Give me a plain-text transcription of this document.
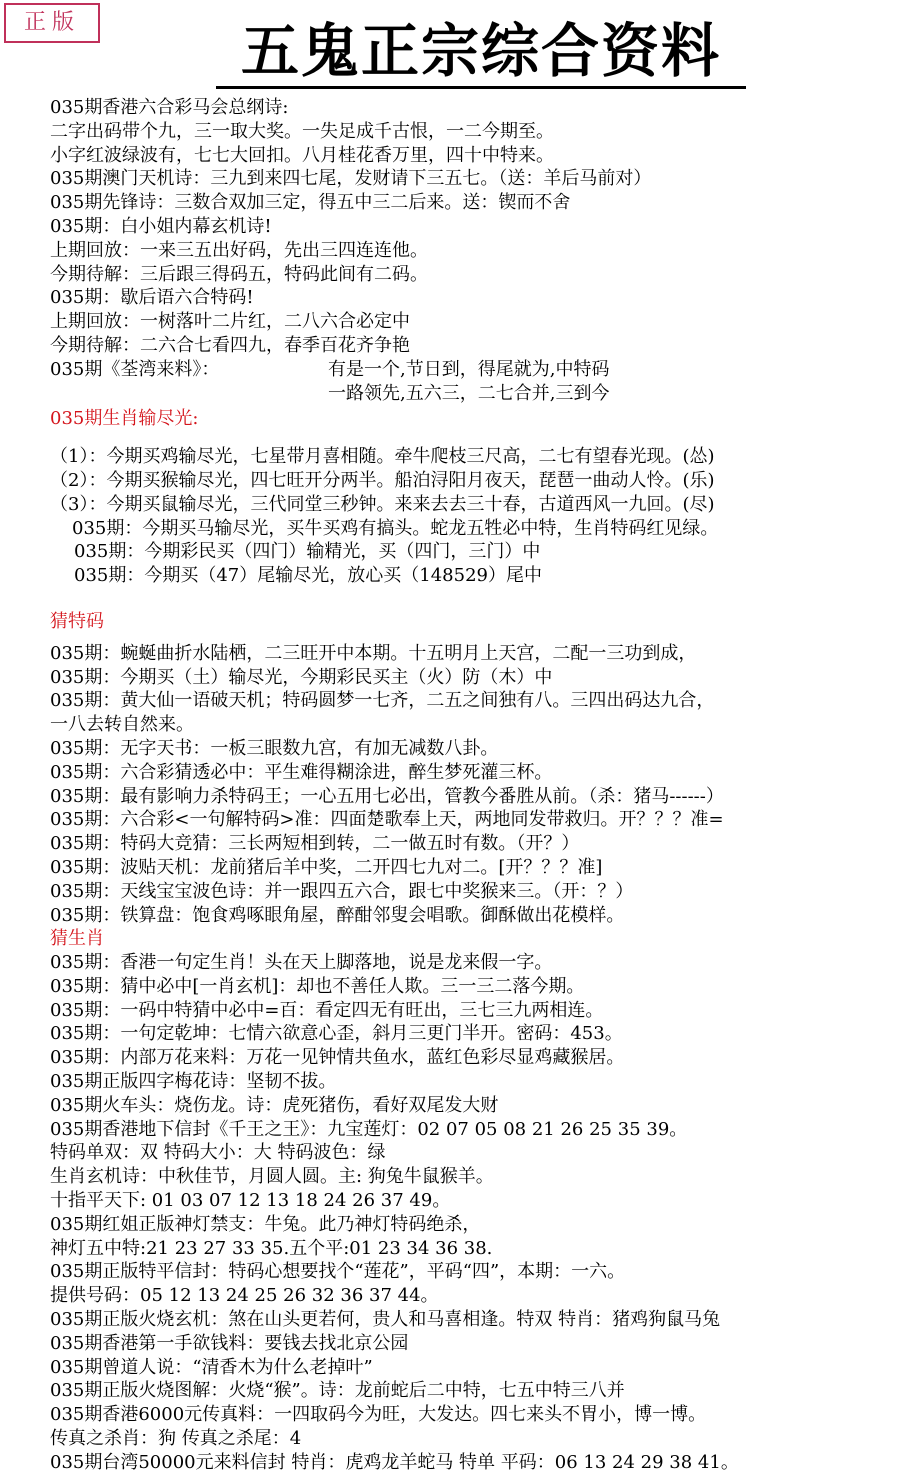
正版	五鬼正宗综合资料
035期香港六合彩马会总纲诗:
二字出码带个九，三一取大奖。一失足成千古恨，一二今期至。
小字红波绿波有，七七大回扣。八月桂花香万里，四十中特来。
035期澳门天机诗：三九到来四七尾，发财请下三五七。（送：羊后马前对）
035期先锋诗：三数合双加三定，得五中三二后来。送：锲而不舍
035期：白小姐内幕玄机诗!
上期回放：一来三五出好码，先出三四连连他。
今期待解：三后跟三得码五，特码此间有二码。
035期：歇后语六合特码!
上期回放：一树落叶二片红，二八六合必定中
今期待解：二六合七看四九，春季百花齐争艳
035期《荃湾来料》：	有是一个,节日到，得尾就为,中特码
一路领先,五六三，二七合并,三到今
035期生肖输尽光:
（1）：今期买鸡输尽光，七星带月喜相随。牵牛爬枝三尺高，二七有望春光现。(怂)
（2）：今期买猴输尽光，四七旺开分两半。船泊浔阳月夜天，琵琶一曲动人怜。(乐)
（3）：今期买鼠输尽光，三代同堂三秒钟。来来去去三十春，古道西风一九回。(尽)
035期：今期买马输尽光，买牛买鸡有搞头。蛇龙五牲必中特，生肖特码红见绿。
035期：今期彩民买（四门）输精光，买（四门，三门）中
035期：今期买（47）尾输尽光，放心买（148529）尾中
猜特码
035期：蜿蜒曲折水陆栖，二三旺开中本期。十五明月上天宫，二配一三功到成，
035期：今期买（土）输尽光，今期彩民买主（火）防（木）中
035期：黄大仙一语破天机；特码圆梦一七齐，二五之间独有八。三四出码达九合，
一八去转自然来。
035期：无字天书：一板三眼数九宫，有加无减数八卦。
035期：六合彩猜透必中：平生难得糊涂进，醉生梦死灌三杯。
035期：最有影响力杀特码王；一心五用七必出，管教今番胜从前。（杀：猪马------）
035期：六合彩<一句解特码>准：四面楚歌奉上天，两地同发带救归。开？？？准=
035期：特码大竞猜：三长两短相到转，二一做五时有数。（开？）
035期：波贴天机：龙前猪后羊中奖，二开四七九对二。[开？？？准]
035期：天线宝宝波色诗：并一跟四五六合，跟七中奖猴来三。（开：？）
035期：铁算盘：饱食鸡啄眼角屋，醉酣邻叟会唱歌。御酥做出花模样。
猜生肖
035期：香港一句定生肖！头在天上脚落地，说是龙来假一字。
035期：猜中必中[一肖玄机]：却也不善任人欺。三一三二落今期。
035期：一码中特猜中必中=百：看定四无有旺出，三七三九两相连。
035期：一句定乾坤：七情六欲意心歪，斜月三更门半开。密码：453。
035期：内部万花来料：万花一见钟情共鱼水，蓝红色彩尽显鸡藏猴居。
035期正版四字梅花诗：坚韧不拔。
035期火车头：烧伤龙。诗：虎死猪伤，看好双尾发大财
035期香港地下信封《千王之王》：九宝莲灯：02 07 05 08 21 26 25 35 39。
特码单双：双 特码大小：大 特码波色：绿
生肖玄机诗：中秋佳节，月圆人圆。主: 狗兔牛鼠猴羊。
十指平天下: 01 03 07 12 13 18 24 26 37 49。
035期红姐正版神灯禁支：牛兔。此乃神灯特码绝杀，
神灯五中特:21 23 27 33 35.五个平:01 23 34 36 38.
035期正版特平信封：特码心想要找个“莲花”，平码“四”，本期：一六。
提供号码：05 12 13 24 25 26 32 36 37 44。
035期正版火烧玄机：煞在山头更若何，贵人和马喜相逢。特双 特肖：猪鸡狗鼠马兔
035期香港第一手欲钱料：要钱去找北京公园
035期曾道人说：“清香木为什么老掉叶”
035期正版火烧图解：火烧“猴”。诗：龙前蛇后二中特，七五中特三八并
035期香港6000元传真料：一四取码今为旺，大发达。四七来头不胃小，博一博。
传真之杀肖：狗 传真之杀尾：4
035期台湾50000元来料信封 特肖：虎鸡龙羊蛇马 特单 平码：06 13 24 29 38 41。
